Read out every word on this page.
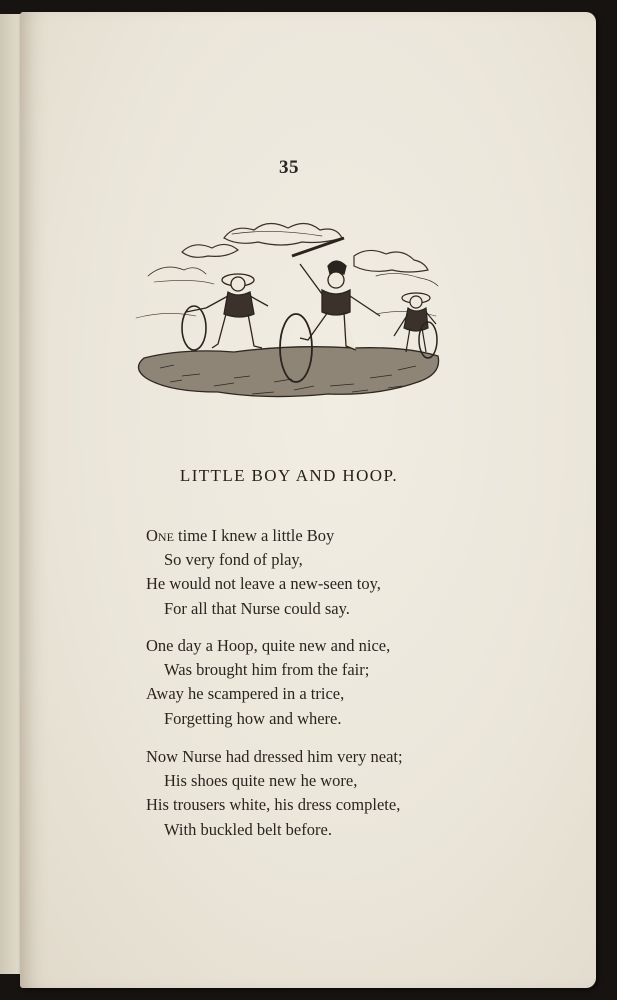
35
LITTLE BOY AND HOOP.
One time I knew a little Boy
So very fond of play,
He would not leave a new-seen toy,
For all that Nurse could say.
One day a Hoop, quite new and nice,
Was brought him from the fair;
Away he scampered in a trice,
Forgetting how and where.
Now Nurse had dressed him very neat;
His shoes quite new he wore,
His trousers white, his dress complete,
With buckled belt before.
